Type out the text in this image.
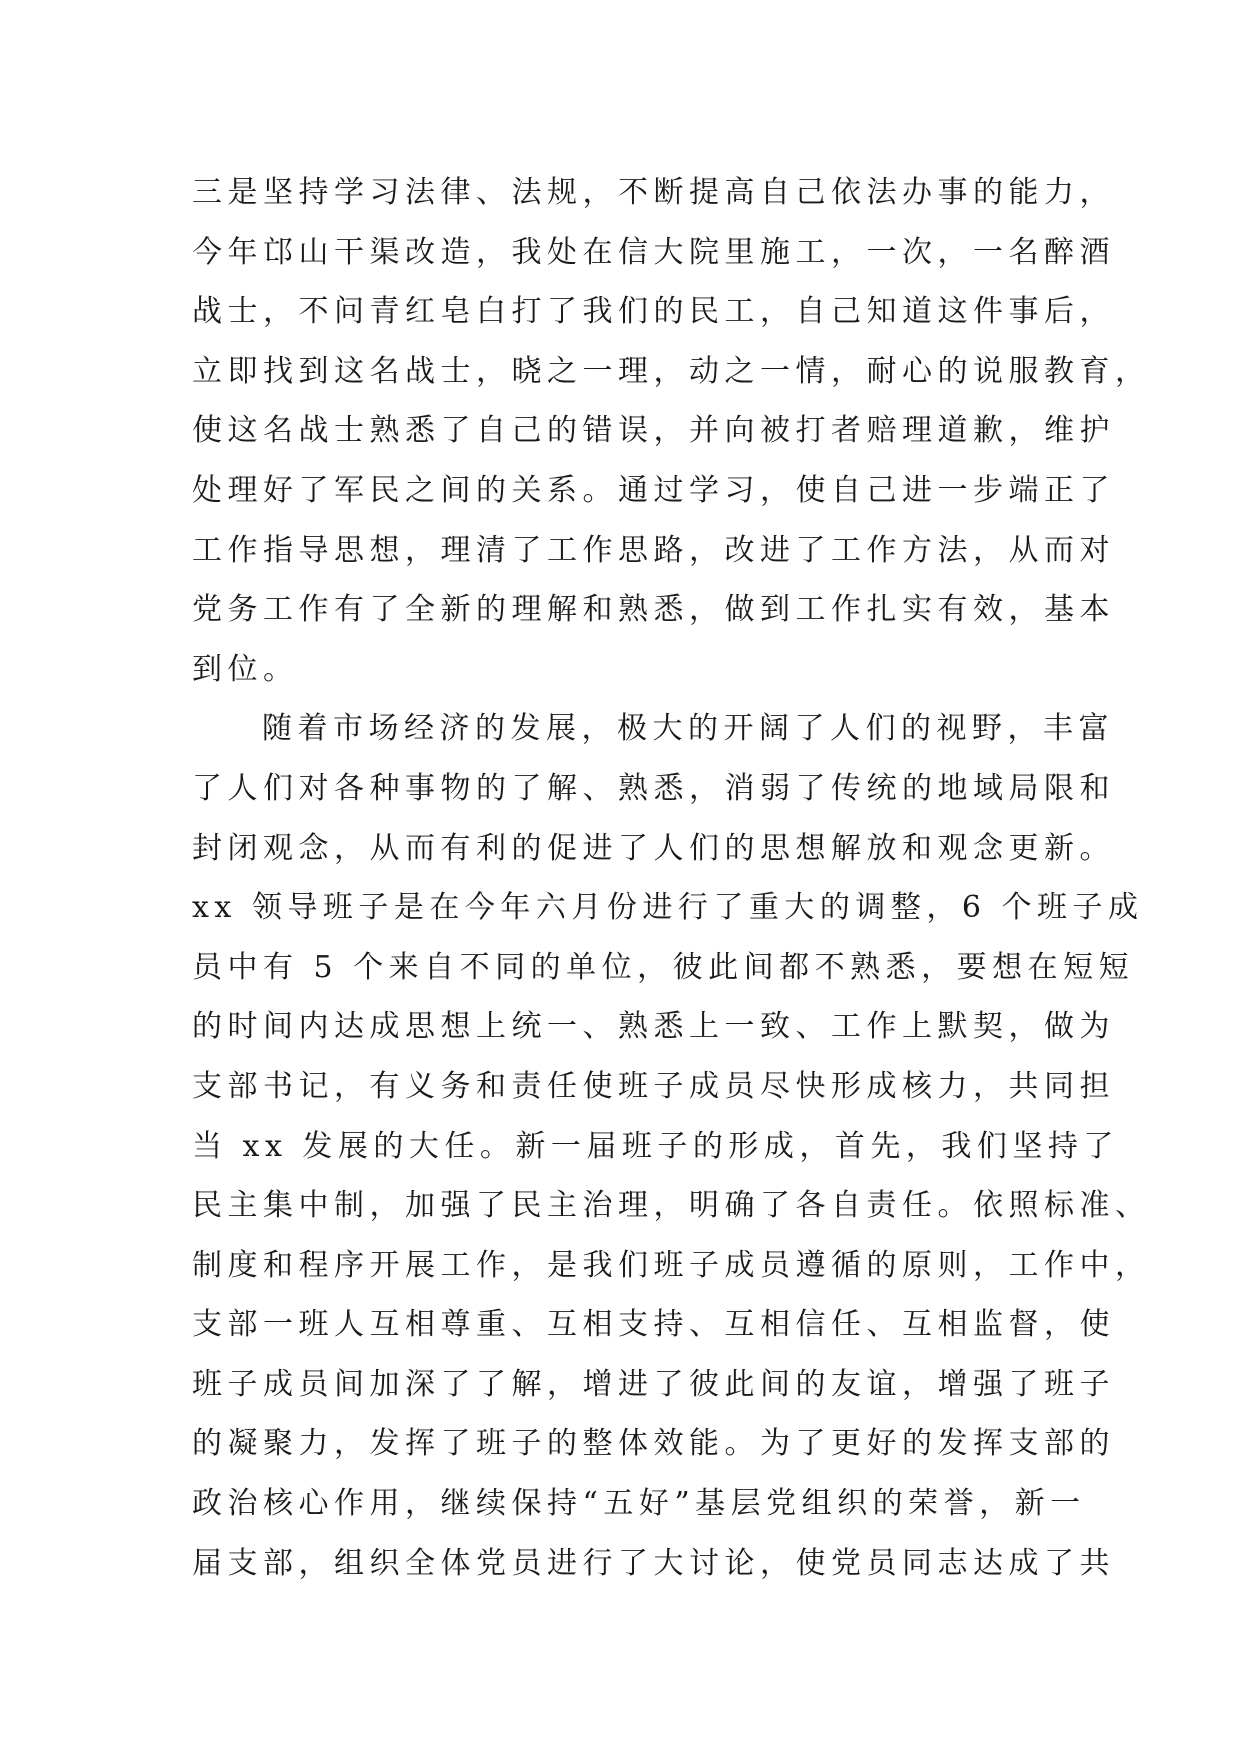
三是坚持学习法律、法规，不断提高自己依法办事的能力，
今年邙山干渠改造，我处在信大院里施工，一次，一名醉酒
战士，不问青红皂白打了我们的民工，自己知道这件事后，
立即找到这名战士，晓之一理，动之一情，耐心的说服教育，
使这名战士熟悉了自己的错误，并向被打者赔理道歉，维护
处理好了军民之间的关系。通过学习，使自己进一步端正了
工作指导思想，理清了工作思路，改进了工作方法，从而对
党务工作有了全新的理解和熟悉，做到工作扎实有效，基本
到位。
随着市场经济的发展，极大的开阔了人们的视野，丰富
了人们对各种事物的了解、熟悉，消弱了传统的地域局限和
封闭观念，从而有利的促进了人们的思想解放和观念更新。
xx 领导班子是在今年六月份进行了重大的调整，6 个班子成
员中有 5 个来自不同的单位，彼此间都不熟悉，要想在短短
的时间内达成思想上统一、熟悉上一致、工作上默契，做为
支部书记，有义务和责任使班子成员尽快形成核力，共同担
当 xx 发展的大任。新一届班子的形成，首先，我们坚持了
民主集中制，加强了民主治理，明确了各自责任。依照标准、
制度和程序开展工作，是我们班子成员遵循的原则，工作中，
支部一班人互相尊重、互相支持、互相信任、互相监督，使
班子成员间加深了了解，增进了彼此间的友谊，增强了班子
的凝聚力，发挥了班子的整体效能。为了更好的发挥支部的
政治核心作用，继续保持“五好”基层党组织的荣誉，新一
届支部，组织全体党员进行了大讨论，使党员同志达成了共
